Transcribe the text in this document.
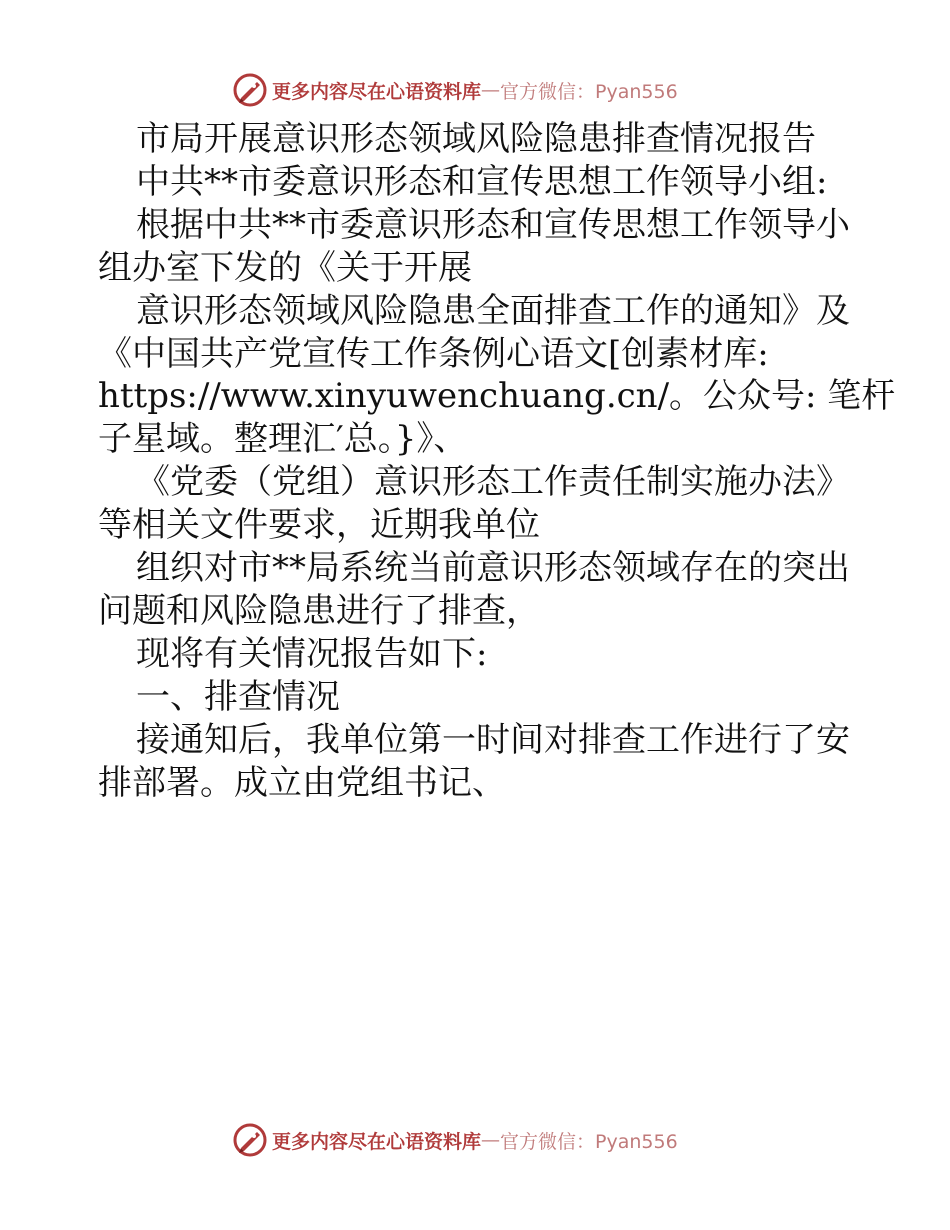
更多内容尽在心语资料库 — 官方微信：Pyan556
市局开展意识形态领域风险隐患排查情况报告
中共**市委意识形态和宣传思想工作领导小组:
根据中共**市委意识形态和宣传思想工作领导小
组办室下发的《关于开展
意识形态领域风险隐患全面排查工作的通知》及
《中国共产党宣传工作条例心语文[创素材库:
https://www.xinyuwenchuang.cn/。公众号: 笔杆
子星域。整理汇′总。}》、
《党委（党组）意识形态工作责任制实施办法》
等相关文件要求，近期我单位
组织对市**局系统当前意识形态领域存在的突出
问题和风险隐患进行了排查，
现将有关情况报告如下:
一、排查情况
接通知后，我单位第一时间对排查工作进行了安
排部署。成立由党组书记、
更多内容尽在心语资料库 — 官方微信：Pyan556
